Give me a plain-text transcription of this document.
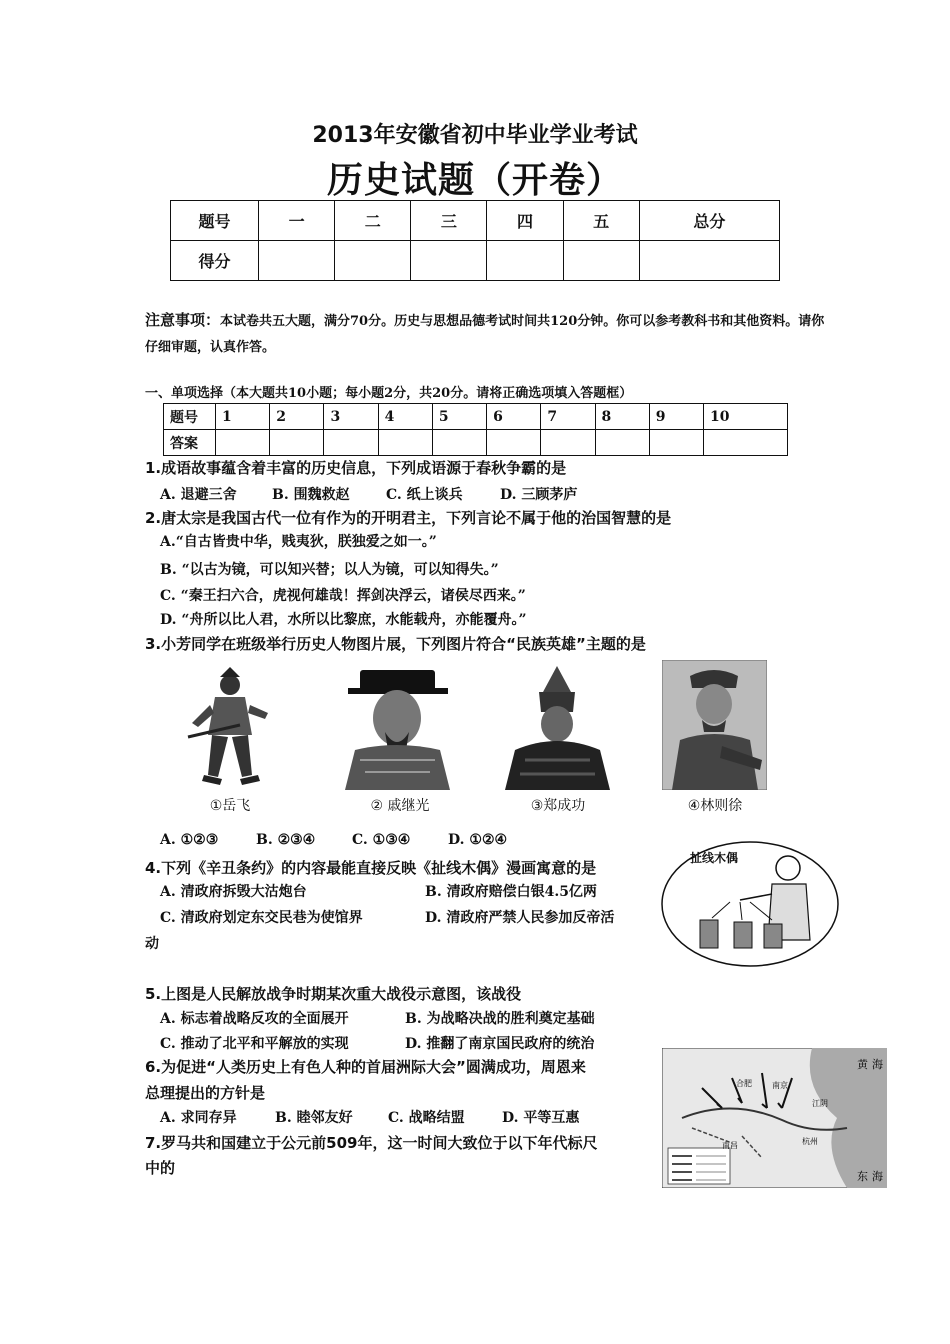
2013年安徽省初中毕业学业考试
历史试题（开卷）
题号	一	二	三	四	五	总分
得分						
注意事项：本试卷共五大题，满分70分。历史与思想品德考试时间共120分钟。你可以参考教科书和其他资料。请你仔细审题，认真作答。
一、单项选择（本大题共10小题；每小题2分，共20分。请将正确选项填入答题框）
题号	1	2	3	4	5	6	7	8	9	10
答案										
1.成语故事蕴含着丰富的历史信息，下列成语源于春秋争霸的是
A. 退避三舍	B. 围魏救赵	C. 纸上谈兵	D. 三顾茅庐
2.唐太宗是我国古代一位有作为的开明君主，下列言论不属于他的治国智慧的是
A.“自古皆贵中华，贱夷狄，朕独爱之如一。”
B. “以古为镜，可以知兴替；以人为镜，可以知得失。”
C. “秦王扫六合，虎视何雄哉！挥剑决浮云，诸侯尽西来。”
D. “舟所以比人君，水所以比黎庶，水能载舟，亦能覆舟。”
3.小芳同学在班级举行历史人物图片展，下列图片符合“民族英雄”主题的是
①岳飞	② 戚继光	③郑成功	④林则徐
A. ①②③	B. ②③④	C. ①③④	D. ①②④
4.下列《辛丑条约》的内容最能直接反映《扯线木偶》漫画寓意的是
A. 清政府拆毁大沽炮台	B. 清政府赔偿白银4.5亿两
C. 清政府划定东交民巷为使馆界	D. 清政府严禁人民参加反帝活
动
扯线木偶
5.上图是人民解放战争时期某次重大战役示意图，该战役
A. 标志着战略反攻的全面展开	B. 为战略决战的胜利奠定基础
C. 推动了北平和平解放的实现	D. 推翻了南京国民政府的统治
6.为促进“人类历史上有色人种的首届洲际大会”圆满成功，周恩来
总理提出的方针是
A. 求同存异	B. 睦邻友好	C. 战略结盟	D. 平等互惠
7.罗马共和国建立于公元前509年，这一时间大致位于以下年代标尺
中的
黄 海
东 海
合肥	南京
杭州
南昌
江阴
